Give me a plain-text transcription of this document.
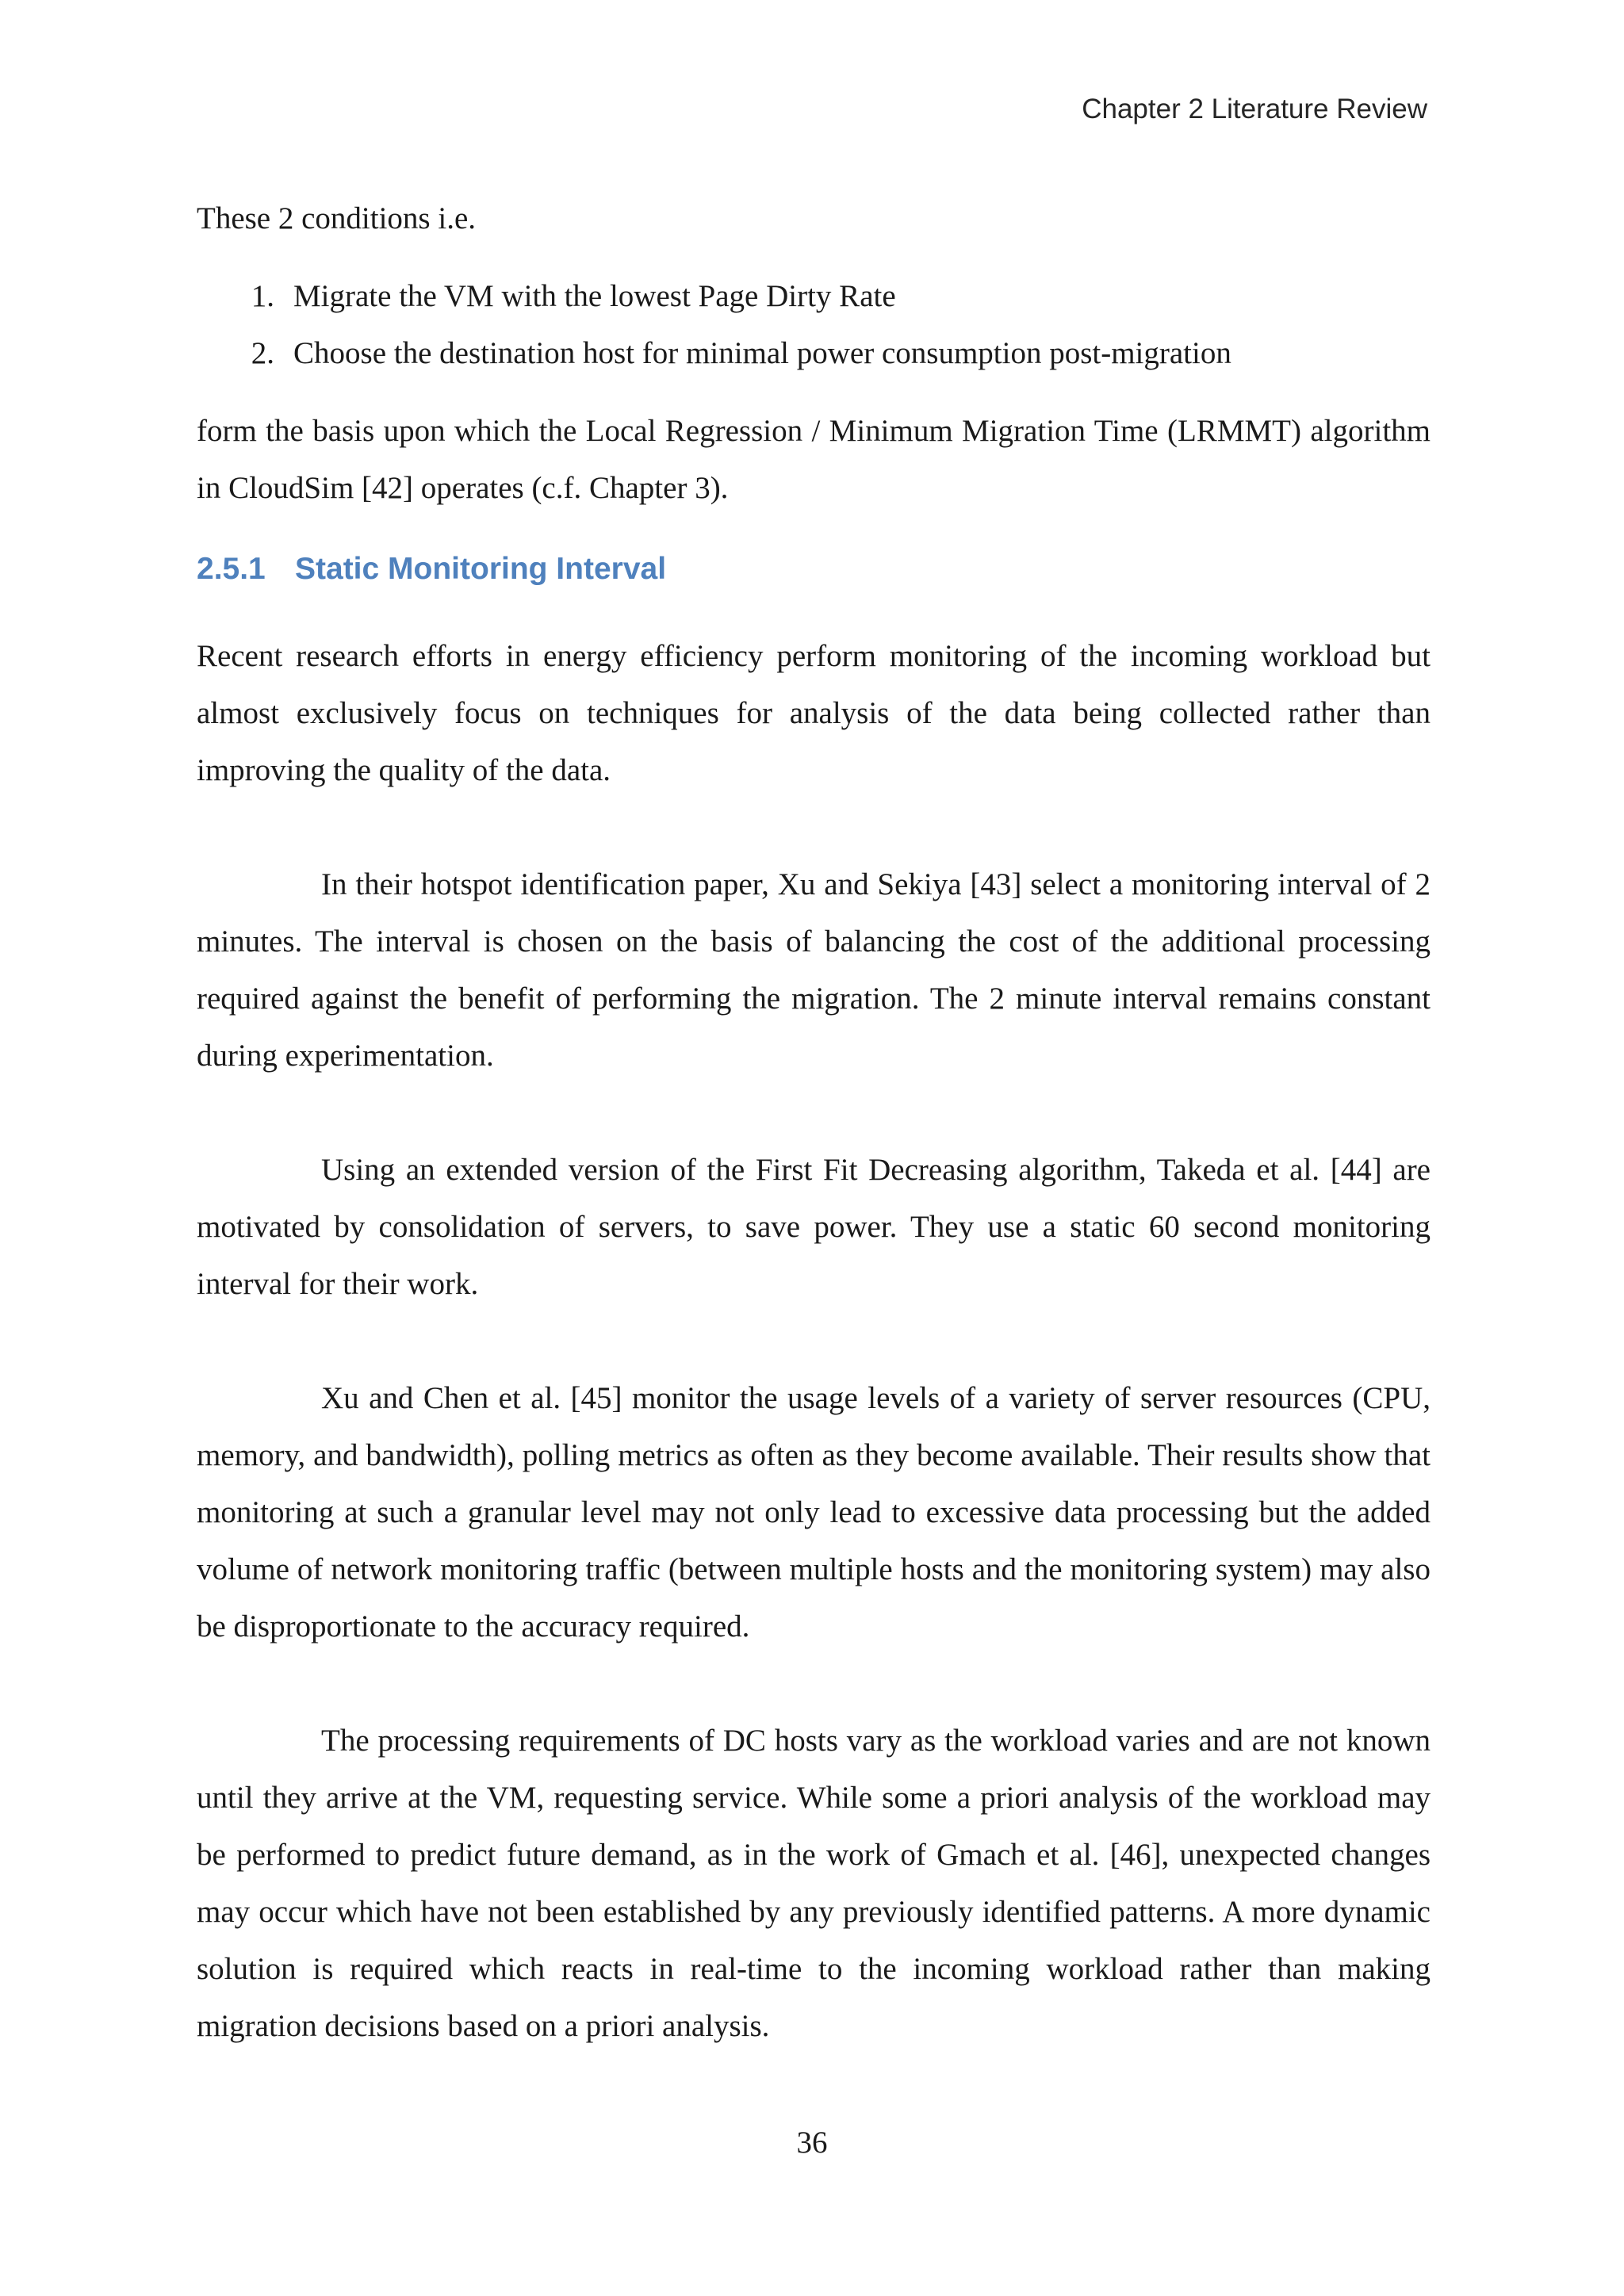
Chapter 2 Literature Review

These 2 conditions i.e.

1. Migrate the VM with the lowest Page Dirty Rate
2. Choose the destination host for minimal power consumption post-migration

form the basis upon which the Local Regression / Minimum Migration Time (LRMMT) algorithm in CloudSim [42] operates (c.f. Chapter 3).

2.5.1 Static Monitoring Interval

Recent research efforts in energy efficiency perform monitoring of the incoming workload but almost exclusively focus on techniques for analysis of the data being collected rather than improving the quality of the data.

In their hotspot identification paper, Xu and Sekiya [43] select a monitoring interval of 2 minutes. The interval is chosen on the basis of balancing the cost of the additional processing required against the benefit of performing the migration. The 2 minute interval remains constant during experimentation.

Using an extended version of the First Fit Decreasing algorithm, Takeda et al. [44] are motivated by consolidation of servers, to save power. They use a static 60 second monitoring interval for their work.

Xu and Chen et al. [45] monitor the usage levels of a variety of server resources (CPU, memory, and bandwidth), polling metrics as often as they become available. Their results show that monitoring at such a granular level may not only lead to excessive data processing but the added volume of network monitoring traffic (between multiple hosts and the monitoring system) may also be disproportionate to the accuracy required.

The processing requirements of DC hosts vary as the workload varies and are not known until they arrive at the VM, requesting service. While some a priori analysis of the workload may be performed to predict future demand, as in the work of Gmach et al. [46], unexpected changes may occur which have not been established by any previously identified patterns. A more dynamic solution is required which reacts in real-time to the incoming workload rather than making migration decisions based on a priori analysis.

36
